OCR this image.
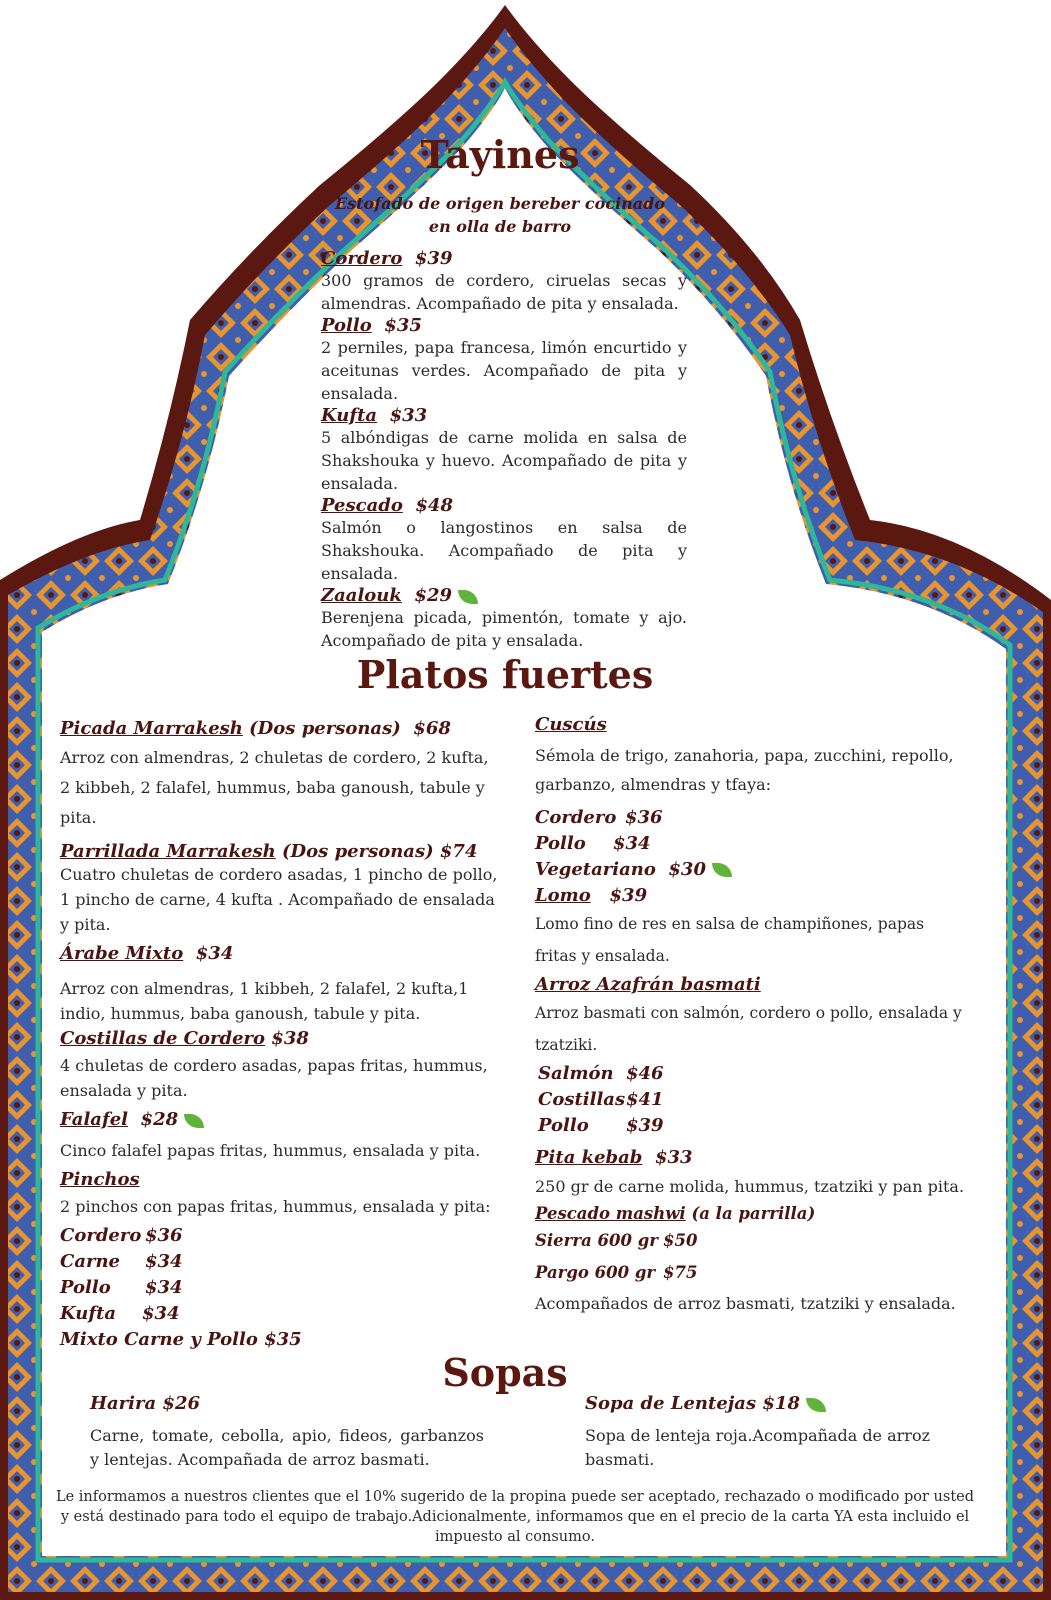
Tayines
Estofado de origen bereber cocinado
en olla de barro
Cordero $39
300 gramos de cordero, ciruelas secas y almendras. Acompañado de pita y ensalada.
Pollo $35
2 perniles, papa francesa, limón encurtido y aceitunas verdes. Acompañado de pita y ensalada.
Kufta $33
5 albóndigas de carne molida en salsa de Shakshouka y huevo. Acompañado de pita y ensalada.
Pescado $48
Salmón o langostinos en salsa de Shakshouka. Acompañado de pita y ensalada.
Zaalouk $29
Berenjena picada, pimentón, tomate y ajo. Acompañado de pita y ensalada.
Platos fuertes
Picada Marrakesh (Dos personas) $68
Arroz con almendras, 2 chuletas de cordero, 2 kufta, 2 kibbeh, 2 falafel, hummus, baba ganoush, tabule y pita.
Parrillada Marrakesh (Dos personas) $74
Cuatro chuletas de cordero asadas, 1 pincho de pollo, 1 pincho de carne, 4 kufta . Acompañado de ensalada y pita.
Árabe Mixto $34
Arroz con almendras, 1 kibbeh, 2 falafel, 2 kufta,1 indio, hummus, baba ganoush, tabule y pita.
Costillas de Cordero $38
4 chuletas de cordero asadas, papas fritas, hummus, ensalada y pita.
Falafel $28
Cinco falafel papas fritas, hummus, ensalada y pita.
Pinchos
2 pinchos con papas fritas, hummus, ensalada y pita:
Cordero $36
Carne $34
Pollo $34
Kufta $34
Mixto Carne y Pollo $35
Cuscús
Sémola de trigo, zanahoria, papa, zucchini, repollo, garbanzo, almendras y tfaya:
Cordero $36
Pollo $34
Vegetariano $30
Lomo $39
Lomo fino de res en salsa de champiñones, papas fritas y ensalada.
Arroz Azafrán basmati
Arroz basmati con salmón, cordero o pollo, ensalada y tzatziki.
Salmón $46
Costillas$41
Pollo $39
Pita kebab $33
250 gr de carne molida, hummus, tzatziki y pan pita.
Pescado mashwi (a la parrilla)
Sierra 600 gr $50
Pargo 600 gr $75
Acompañados de arroz basmati, tzatziki y ensalada.
Sopas
Harira $26
Carne, tomate, cebolla, apio, fideos, garbanzos y lentejas. Acompañada de arroz basmati.
Sopa de Lentejas $18
Sopa de lenteja roja.Acompañada de arroz basmati.
Le informamos a nuestros clientes que el 10% sugerido de la propina puede ser aceptado, rechazado o modificado por usted y está destinado para todo el equipo de trabajo.Adicionalmente, informamos que en el precio de la carta YA esta incluido el impuesto al consumo.
